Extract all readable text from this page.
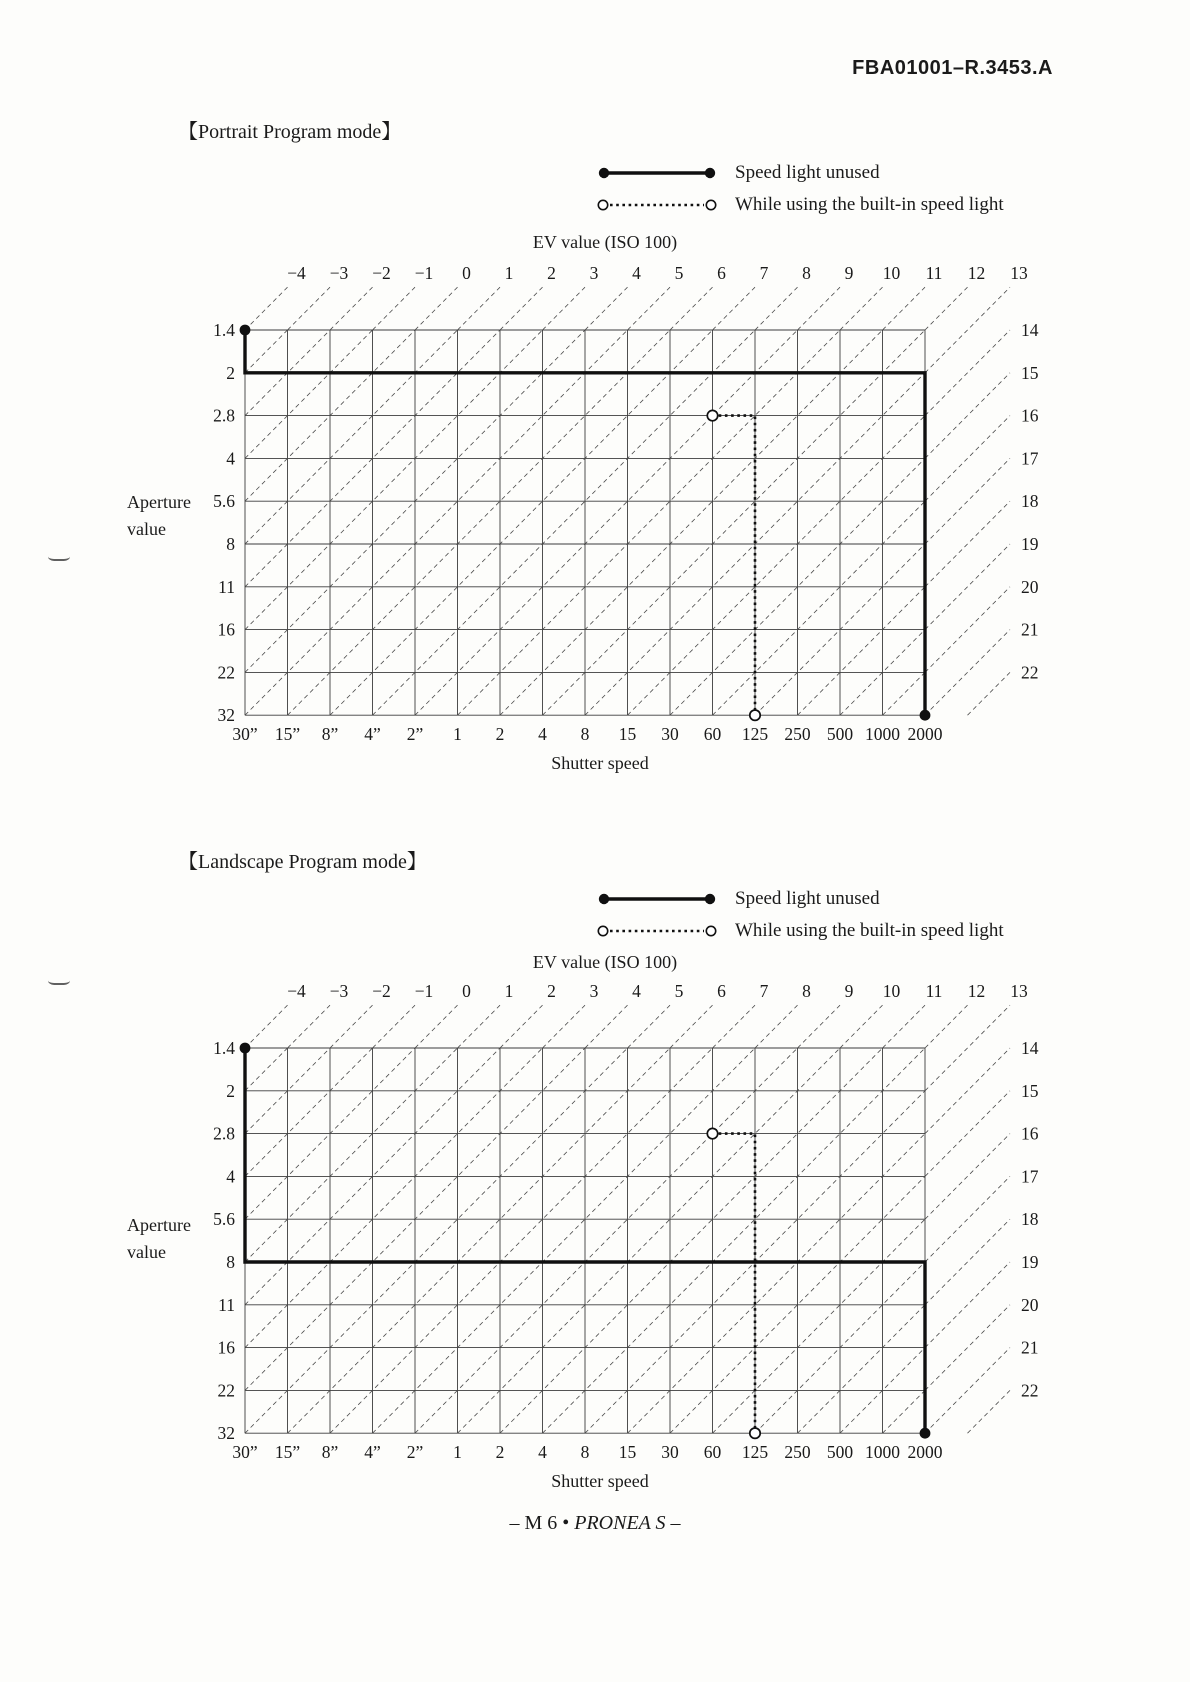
FBA01001–R.3453.A
【Portrait Program mode】
Speed light unused
While using the built-in speed light
EV value (ISO 100)
Aperture
value
−4 −3 −2 −1 0 1 2 3 4 5 6 7 8 9 10 11 12 13
14
15
16
17
18
19
20
21
22
1.4
2
2.8
4
5.6
8
11
16
22
32
30” 15” 8” 4” 2” 1 2 4 8 15 30 60 125 250 500 1000 2000
Shutter speed
【Landscape Program mode】
Speed light unused
While using the built-in speed light
EV value (ISO 100)
Aperture
value
−4 −3 −2 −1 0 1 2 3 4 5 6 7 8 9 10 11 12 13
14
15
16
17
18
19
20
21
22
1.4
2
2.8
4
5.6
8
11
16
22
32
30” 15” 8” 4” 2” 1 2 4 8 15 30 60 125 250 500 1000 2000
Shutter speed
– M 6 • PRONEA S –
